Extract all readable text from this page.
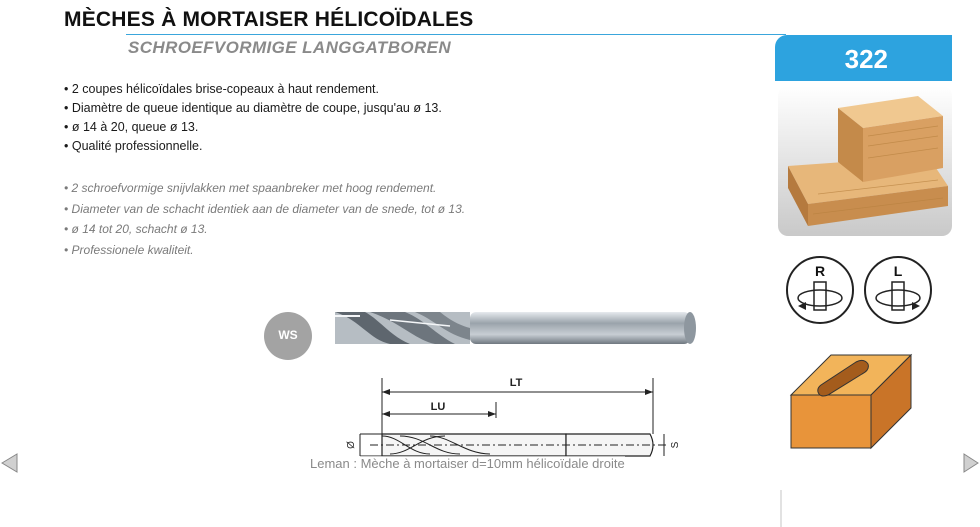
MÈCHES À MORTAISER HÉLICOÏDALES
SCHROEFVORMIGE LANGGATBOREN	322
• 2 coupes hélicoïdales brise-copeaux à haut rendement.
• Diamètre de queue identique au diamètre de coupe, jusqu'au ø 13.
• ø 14 à 20, queue ø 13.
• Qualité professionnelle.
• 2 schroefvormige snijvlakken met spaanbreker met hoog rendement.
• Diameter van de schacht identiek aan de diameter van de snede, tot ø 13.
• ø 14 tot 20, schacht ø 13.
• Professionele kwaliteit.
WS
LT
LU
Ø	S
Leman : Mèche à mortaiser d=10mm hélicoïdale droite
R	L
